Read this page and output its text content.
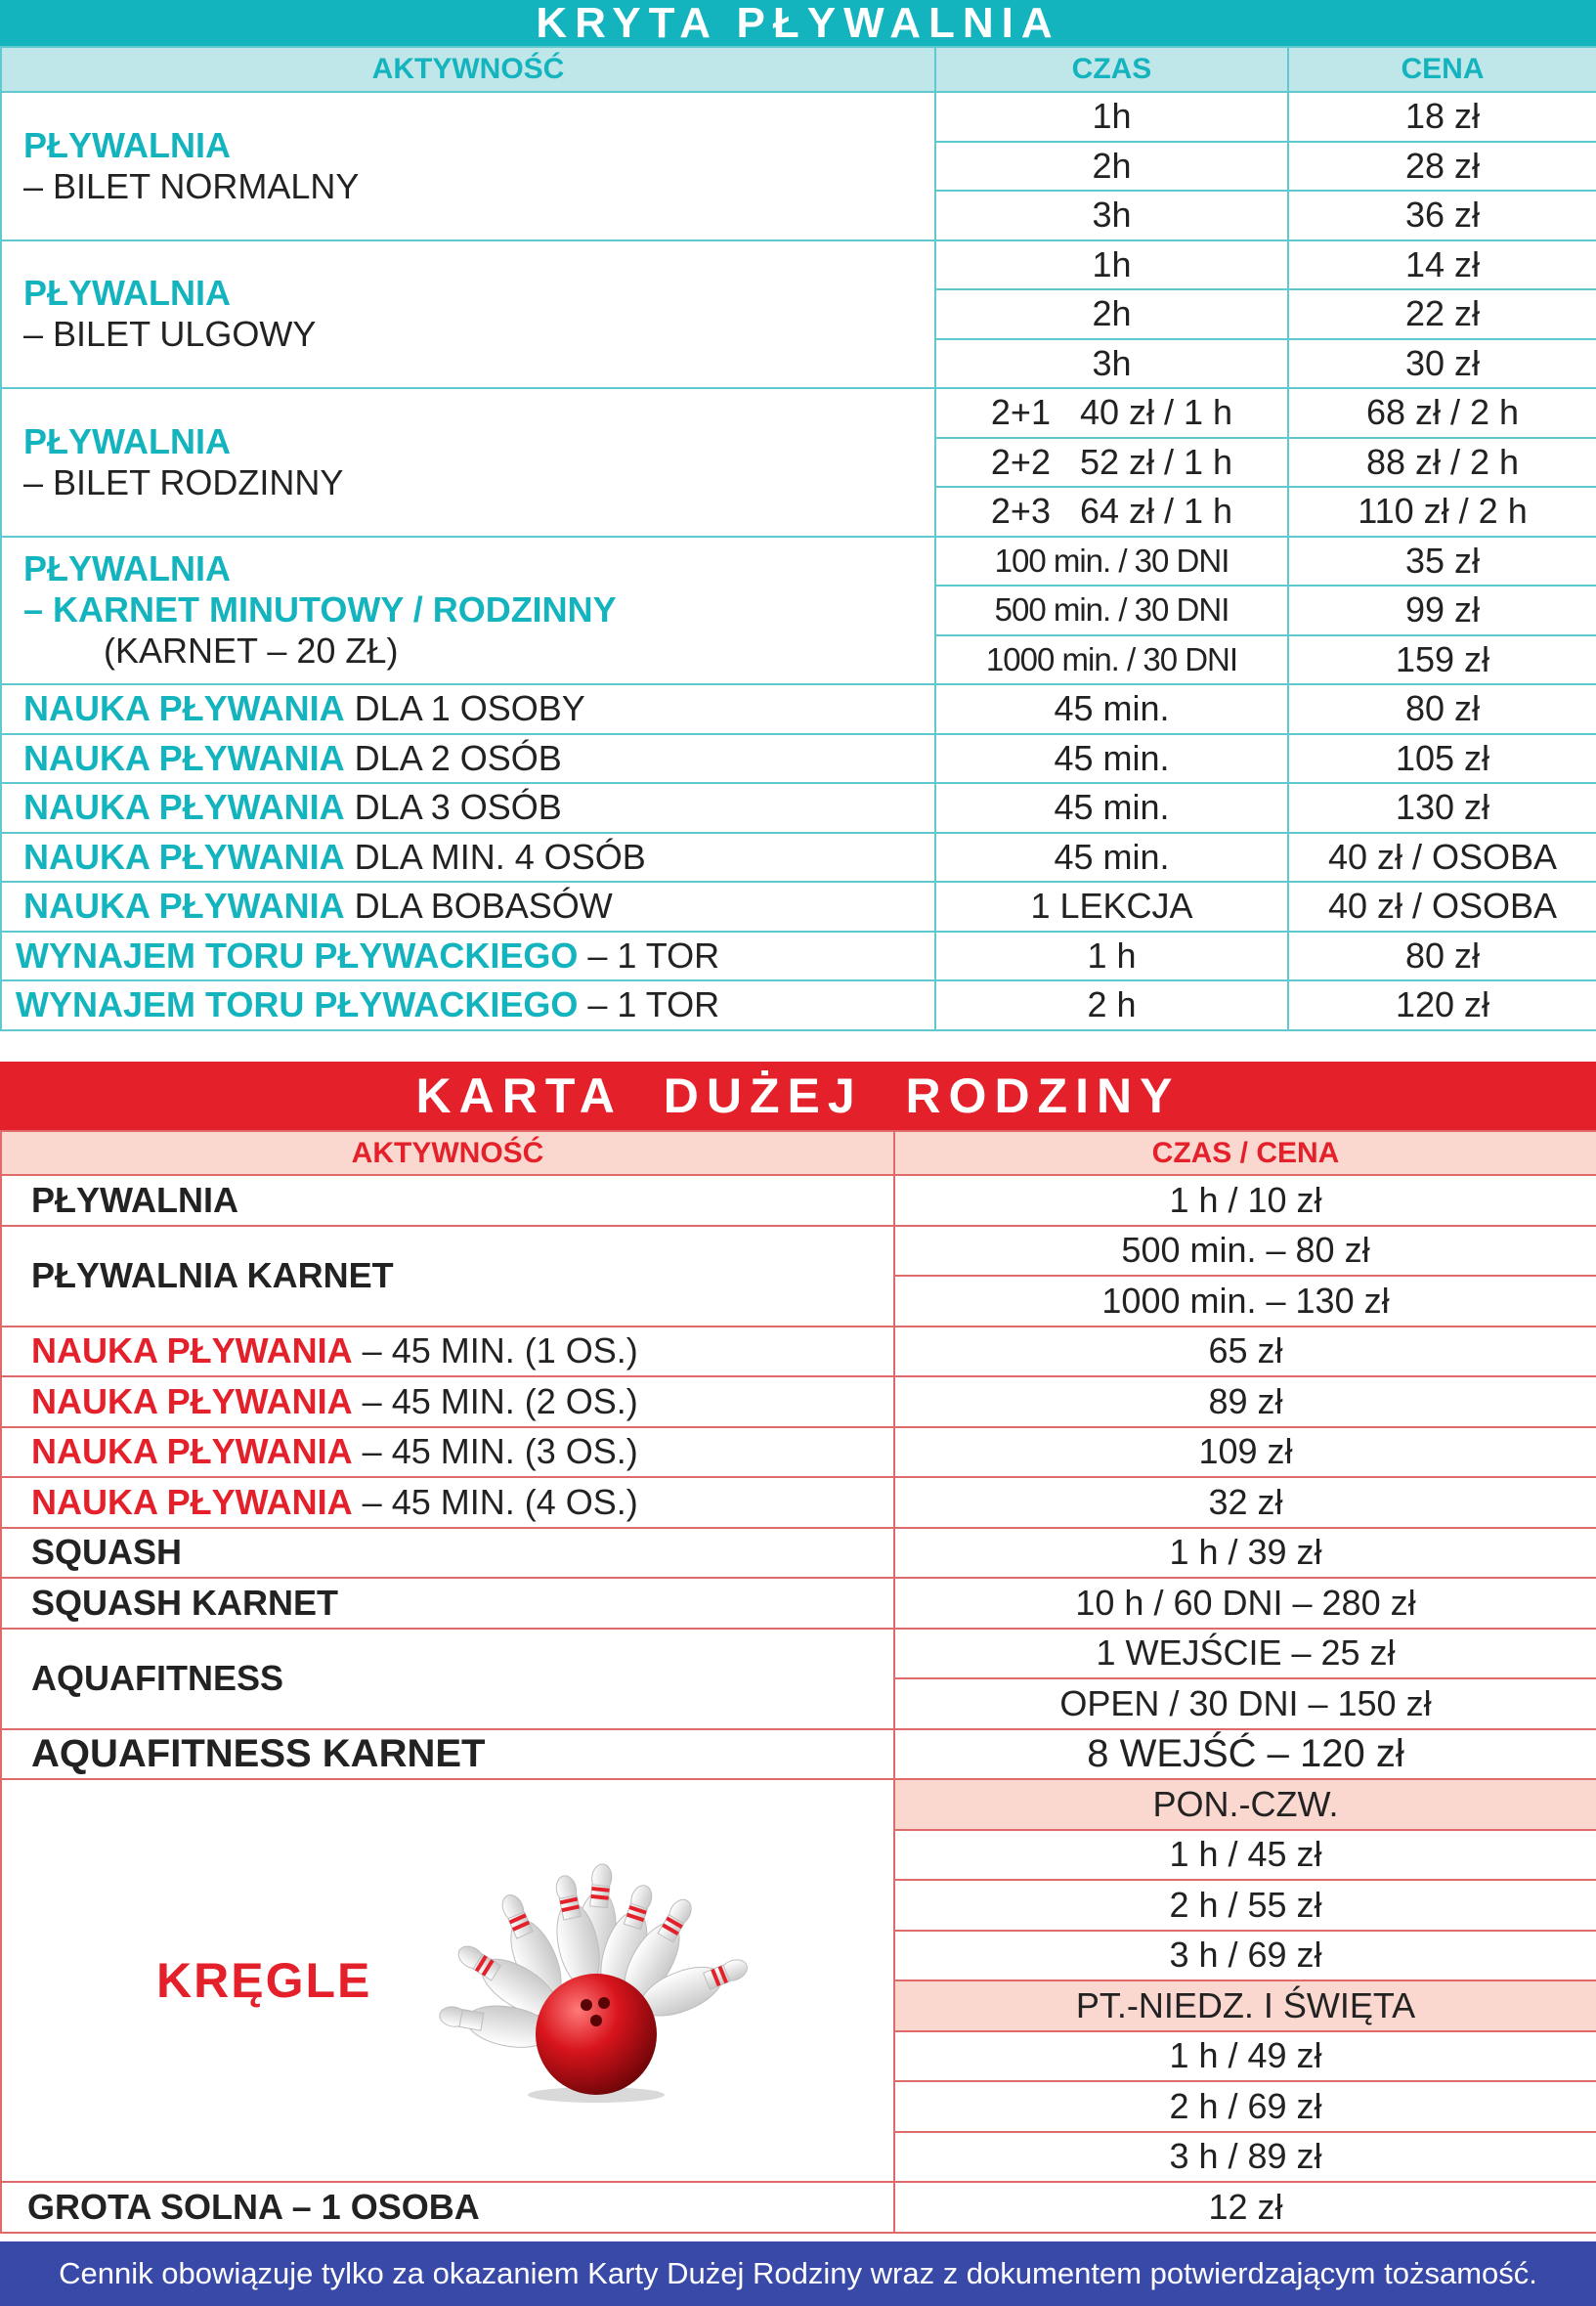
KRYTA PŁYWALNIA
AKTYWNOŚĆ	CZAS	CENA

PŁYWALNIA
– BILET NORMALNY	1h	18 zł
	2h	28 zł
	3h	36 zł

PŁYWALNIA
– BILET ULGOWY	1h	14 zł
	2h	22 zł
	3h	30 zł

PŁYWALNIA
– BILET RODZINNY	2+1   40 zł / 1 h	68 zł / 2 h
	2+2   52 zł / 1 h	88 zł / 2 h
	2+3   64 zł / 1 h	110 zł / 2 h

PŁYWALNIA
– KARNET MINUTOWY / RODZINNY
(KARNET – 20 ZŁ)	100 min. / 30 DNI	35 zł
	500 min. / 30 DNI	99 zł
	1000 min. / 30 DNI	159 zł
NAUKA PŁYWANIA DLA 1 OSOBY	45 min.	80 zł
NAUKA PŁYWANIA DLA 2 OSÓB	45 min.	105 zł
NAUKA PŁYWANIA DLA 3 OSÓB	45 min.	130 zł
NAUKA PŁYWANIA DLA MIN. 4 OSÓB	45 min.	40 zł / OSOBA
NAUKA PŁYWANIA DLA BOBASÓW	1 LEKCJA	40 zł / OSOBA
WYNAJEM TORU PŁYWACKIEGO – 1 TOR	1 h	80 zł
WYNAJEM TORU PŁYWACKIEGO – 1 TOR	2 h	120 zł
KARTA  DUŻEJ  RODZINY
AKTYWNOŚĆ	CZAS / CENA
PŁYWALNIA	1 h / 10 zł
PŁYWALNIA KARNET	500 min. – 80 zł
	1000 min. – 130 zł
NAUKA PŁYWANIA – 45 MIN. (1 OS.)	65 zł
NAUKA PŁYWANIA – 45 MIN. (2 OS.)	89 zł
NAUKA PŁYWANIA – 45 MIN. (3 OS.)	109 zł
NAUKA PŁYWANIA – 45 MIN. (4 OS.)	32 zł
SQUASH	1 h / 39 zł
SQUASH KARNET	10 h / 60 DNI – 280 zł
AQUAFITNESS	1 WEJŚCIE – 25 zł
	OPEN / 30 DNI – 150 zł
AQUAFITNESS KARNET	8 WEJŚĆ – 120 zł

KRĘGLE	PON.-CZW.
	1 h / 45 zł
	2 h / 55 zł
	3 h / 69 zł
	PT.-NIEDZ. I ŚWIĘTA
	1 h / 49 zł
	2 h / 69 zł
	3 h / 89 zł
GROTA SOLNA – 1 OSOBA	12 zł
Cennik obowiązuje tylko za okazaniem Karty Dużej Rodziny wraz z dokumentem potwierdzającym tożsamość.
